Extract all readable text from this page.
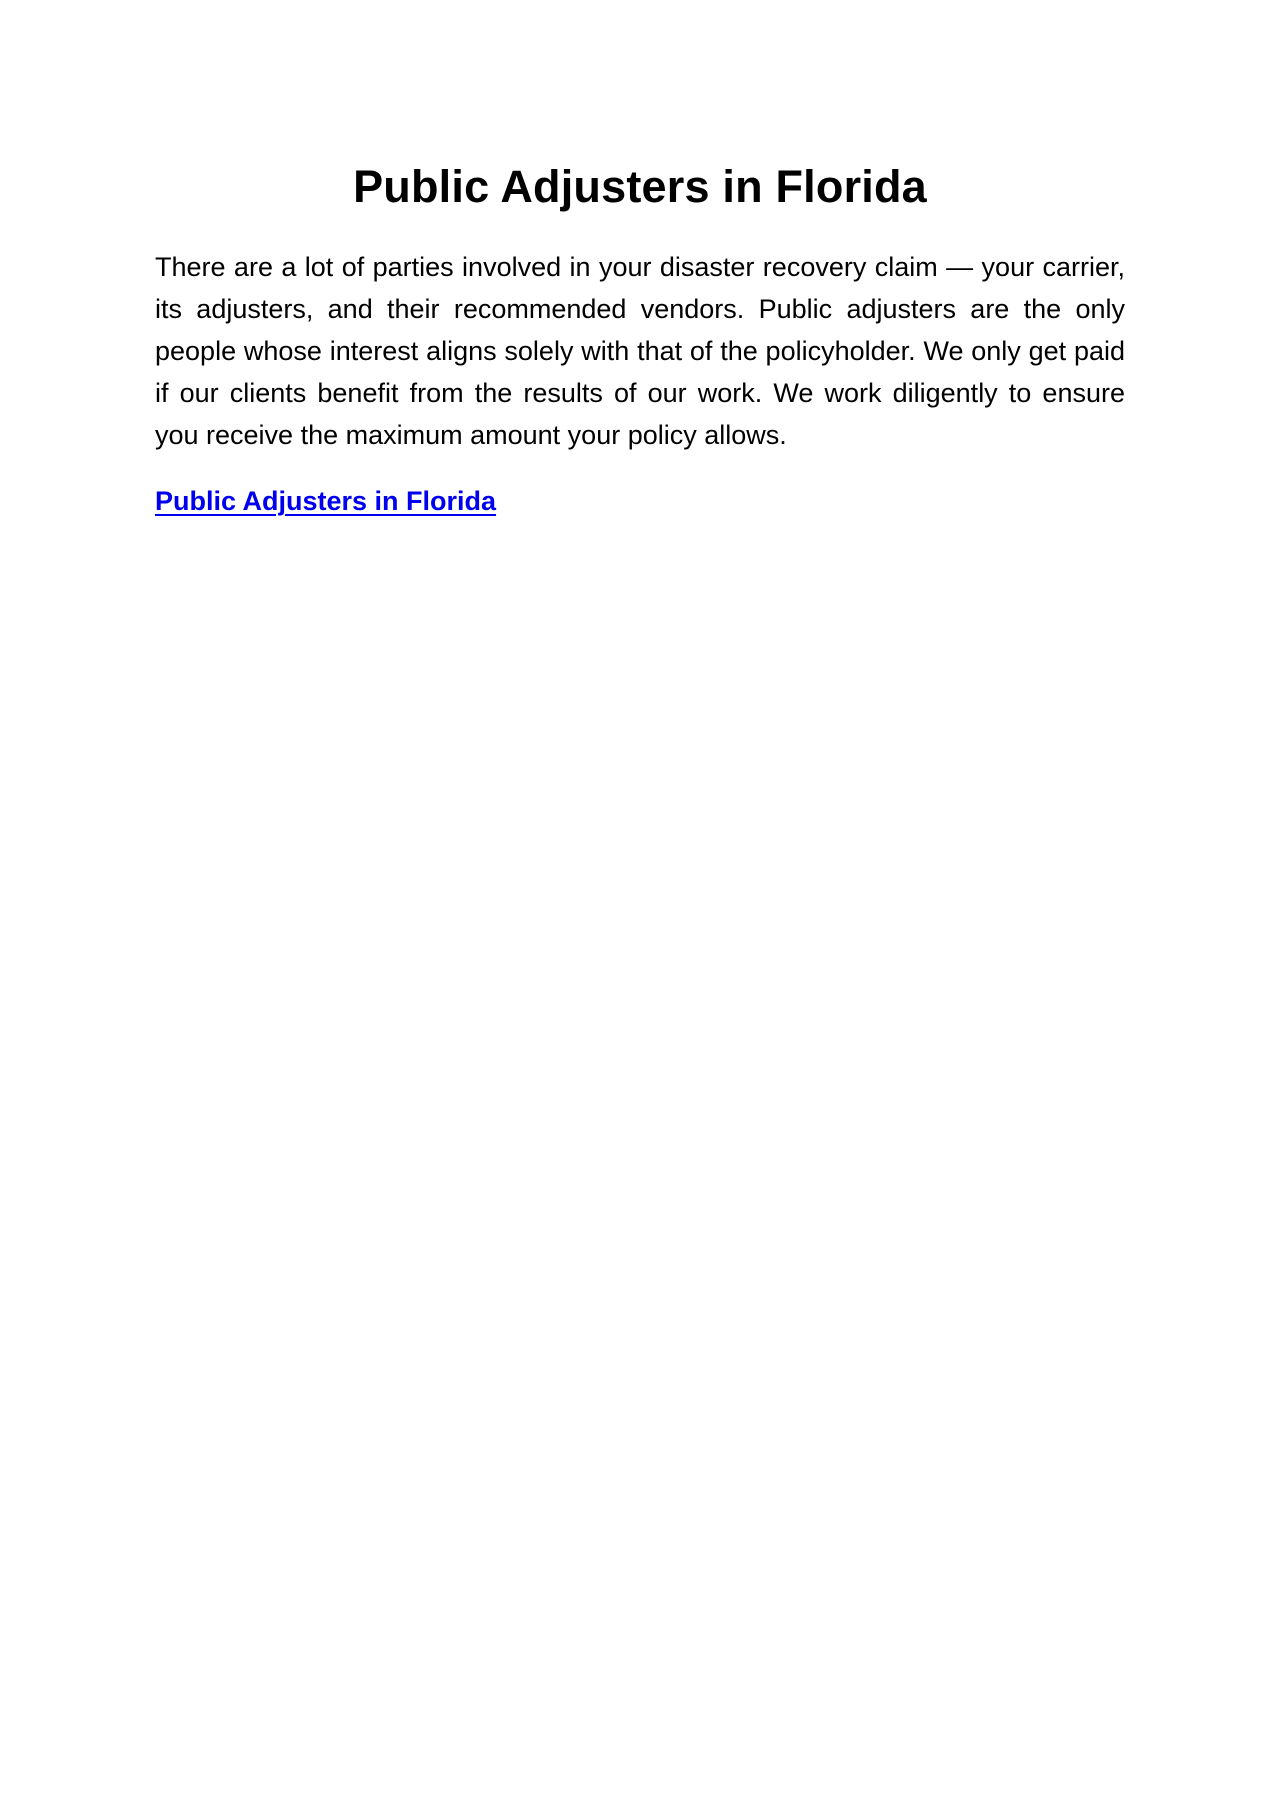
Public Adjusters in Florida

There are a lot of parties involved in your disaster recovery claim — your carrier, its adjusters, and their recommended vendors. Public adjusters are the only people whose interest aligns solely with that of the policyholder. We only get paid if our clients benefit from the results of our work. We work diligently to ensure you receive the maximum amount your policy allows.

Public Adjusters in Florida
